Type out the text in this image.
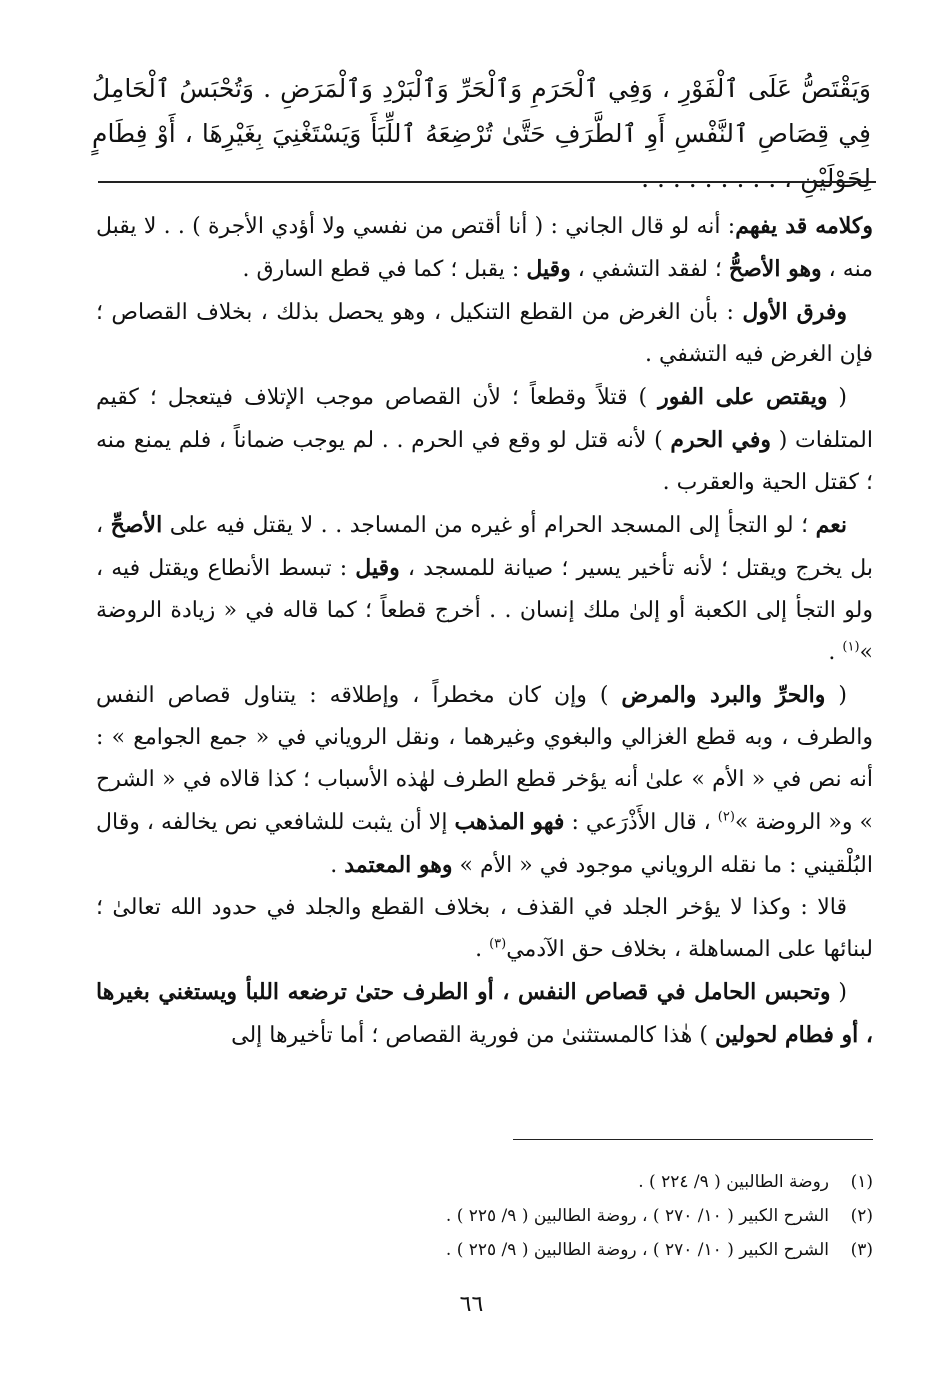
وَيَقْتَصُّ عَلَى ٱلْفَوْرِ ، وَفِي ٱلْحَرَمِ وَٱلْحَرِّ وَٱلْبَرْدِ وَٱلْمَرَضِ . وَتُحْبَسُ ٱلْحَامِلُ فِي قِصَاصِ ٱلنَّفْسِ أَوِ ٱلطَّرَفِ حَتَّىٰ تُرْضِعَهُ ٱللِّبَأَ وَيَسْتَغْنِيَ بِغَيْرِهَا ، أَوْ فِطَامٍ لِحَوْلَيْنِ ، . . . . . . . . .

وكلامه قد يفهم: أنه لو قال الجاني : ( أنا أقتص من نفسي ولا أؤدي الأجرة ) . . لا يقبل منه ، وهو الأصحُّ ؛ لفقد التشفي ، وقيل : يقبل ؛ كما في قطع السارق .

وفرق الأول : بأن الغرض من القطع التنكيل ، وهو يحصل بذلك ، بخلاف القصاص ؛ فإن الغرض فيه التشفي .

( ويقتص على الفور ) قتلاً وقطعاً ؛ لأن القصاص موجب الإتلاف فيتعجل ؛ كقيم المتلفات ( وفي الحرم ) لأنه قتل لو وقع في الحرم . . لم يوجب ضماناً ، فلم يمنع منه ؛ كقتل الحية والعقرب .

نعم ؛ لو التجأ إلى المسجد الحرام أو غيره من المساجد . . لا يقتل فيه على الأصحِّ ، بل يخرج ويقتل ؛ لأنه تأخير يسير ؛ صيانة للمسجد ، وقيل : تبسط الأنطاع ويقتل فيه ، ولو التجأ إلى الكعبة أو إلىٰ ملك إنسان . . أخرج قطعاً ؛ كما قاله في « زيادة الروضة »$^{(١)}$ .

( والحرِّ والبرد والمرض ) وإن كان مخطراً ، وإطلاقه : يتناول قصاص النفس والطرف ، وبه قطع الغزالي والبغوي وغيرهما ، ونقل الروياني في « جمع الجوامع » : أنه نص في « الأم » علىٰ أنه يؤخر قطع الطرف لهٰذه الأسباب ؛ كذا قالاه في « الشرح » و« الروضة »$^{(٢)}$ ، قال الأَذْرَعي : فهو المذهب إلا أن يثبت للشافعي نص يخالفه ، وقال البُلْقيني : ما نقله الروياني موجود في « الأم » وهو المعتمد .

قالا : وكذا لا يؤخر الجلد في القذف ، بخلاف القطع والجلد في حدود الله تعالىٰ ؛ لبنائها على المساهلة ، بخلاف حق الآدمي$^{(٣)}$ .

( وتحبس الحامل في قصاص النفس ، أو الطرف حتىٰ ترضعه اللبأ ويستغني بغيرها ، أو فطام لحولين ) هٰذا كالمستثنىٰ من فورية القصاص ؛ أما تأخيرها إلى

(١)
روضة الطالبين ( ٩/ ٢٢٤ ) .
(٢)
الشرح الكبير ( ١٠/ ٢٧٠ ) ، روضة الطالبين ( ٩/ ٢٢٥ ) .
(٣)
الشرح الكبير ( ١٠/ ٢٧٠ ) ، روضة الطالبين ( ٩/ ٢٢٥ ) .
٦٦
